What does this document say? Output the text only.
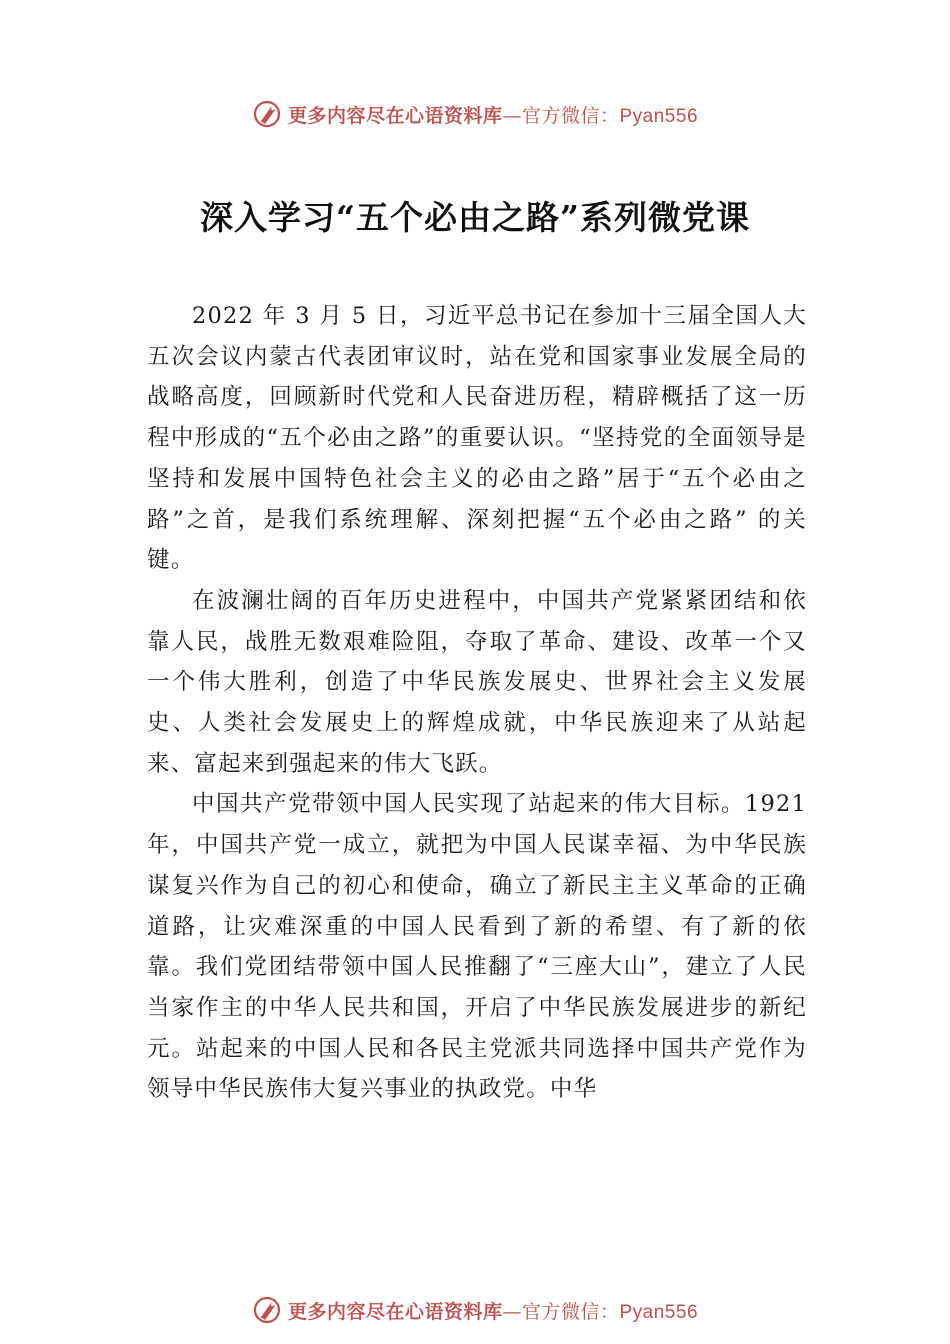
更多内容尽在心语资料库—官方微信：Pyan556
深入学习“五个必由之路”系列微党课

2022 年 3 月 5 日，习近平总书记在参加十三届全国人大五次会议内蒙古代表团审议时，站在党和国家事业发展全局的战略高度，回顾新时代党和人民奋进历程，精辟概括了这一历程中形成的“五个必由之路”的重要认识。“坚持党的全面领导是坚持和发展中国特色社会主义的必由之路”居于“五个必由之路”之首，是我们系统理解、深刻把握“五个必由之路” 的关键。

在波澜壮阔的百年历史进程中，中国共产党紧紧团结和依靠人民，战胜无数艰难险阻，夺取了革命、建设、改革一个又一个伟大胜利，创造了中华民族发展史、世界社会主义发展史、人类社会发展史上的辉煌成就，中华民族迎来了从站起来、富起来到强起来的伟大飞跃。

中国共产党带领中国人民实现了站起来的伟大目标。1921 年，中国共产党一成立，就把为中国人民谋幸福、为中华民族谋复兴作为自己的初心和使命，确立了新民主主义革命的正确道路，让灾难深重的中国人民看到了新的希望、有了新的依靠。我们党团结带领中国人民推翻了“三座大山”，建立了人民当家作主的中华人民共和国，开启了中华民族发展进步的新纪元。站起来的中国人民和各民主党派共同选择中国共产党作为领导中华民族伟大复兴事业的执政党。中华

更多内容尽在心语资料库—官方微信：Pyan556
